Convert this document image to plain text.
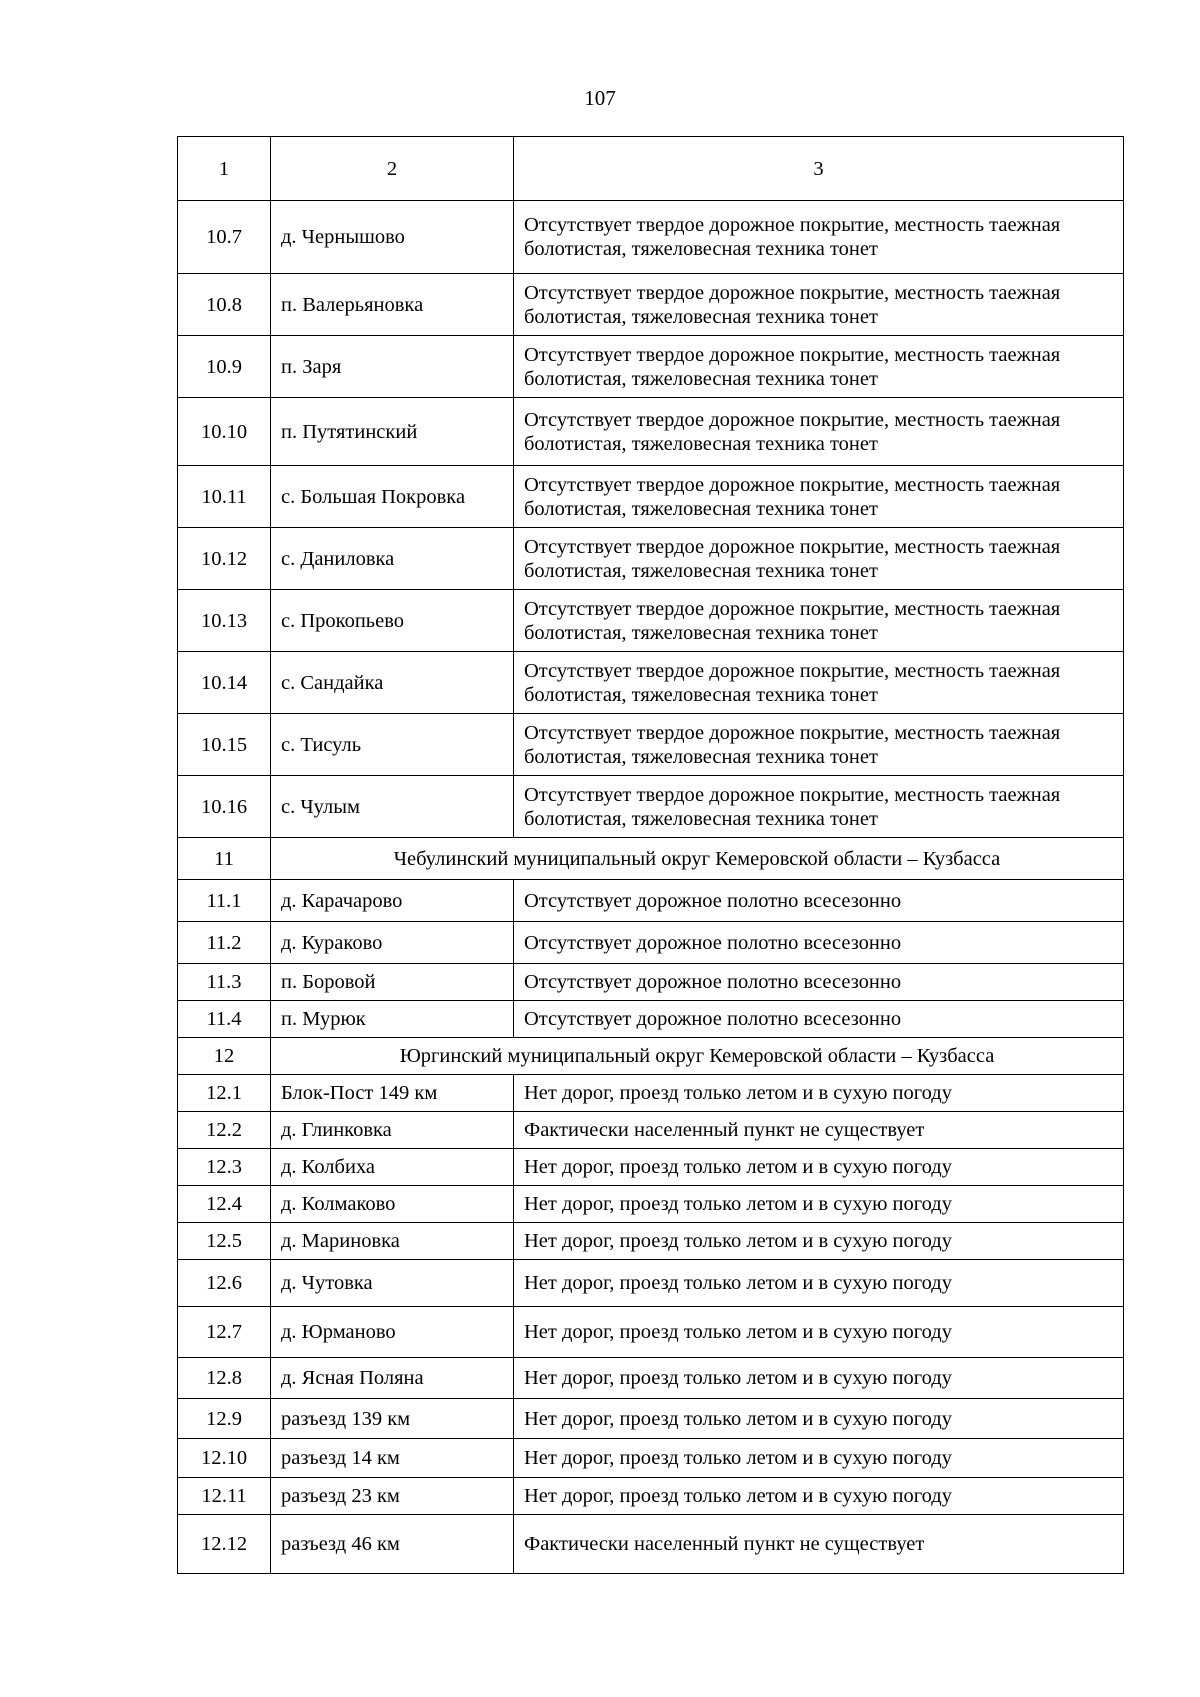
107
1	2	3
10.7	д. Чернышово	Отсутствует твердое дорожное покрытие, местность таежная болотистая, тяжеловесная техника тонет
10.8	п. Валерьяновка	Отсутствует твердое дорожное покрытие, местность таежная болотистая, тяжеловесная техника тонет
10.9	п. Заря	Отсутствует твердое дорожное покрытие, местность таежная болотистая, тяжеловесная техника тонет
10.10	п. Путятинский	Отсутствует твердое дорожное покрытие, местность таежная болотистая, тяжеловесная техника тонет
10.11	с. Большая Покровка	Отсутствует твердое дорожное покрытие, местность таежная болотистая, тяжеловесная техника тонет
10.12	с. Даниловка	Отсутствует твердое дорожное покрытие, местность таежная болотистая, тяжеловесная техника тонет
10.13	с. Прокопьево	Отсутствует твердое дорожное покрытие, местность таежная болотистая, тяжеловесная техника тонет
10.14	с. Сандайка	Отсутствует твердое дорожное покрытие, местность таежная болотистая, тяжеловесная техника тонет
10.15	с. Тисуль	Отсутствует твердое дорожное покрытие, местность таежная болотистая, тяжеловесная техника тонет
10.16	с. Чулым	Отсутствует твердое дорожное покрытие, местность таежная болотистая, тяжеловесная техника тонет
11	Чебулинский муниципальный округ Кемеровской области – Кузбасса	
11.1	д. Карачарово	Отсутствует дорожное полотно всесезонно
11.2	д. Кураково	Отсутствует дорожное полотно всесезонно
11.3	п. Боровой	Отсутствует дорожное полотно всесезонно
11.4	п. Мурюк	Отсутствует дорожное полотно всесезонно
12	Юргинский муниципальный округ Кемеровской области – Кузбасса	
12.1	Блок-Пост 149 км	Нет дорог, проезд только летом и в сухую погоду
12.2	д. Глинковка	Фактически населенный пункт не существует
12.3	д. Колбиха	Нет дорог, проезд только летом и в сухую погоду
12.4	д. Колмаково	Нет дорог, проезд только летом и в сухую погоду
12.5	д. Мариновка	Нет дорог, проезд только летом и в сухую погоду
12.6	д. Чутовка	Нет дорог, проезд только летом и в сухую погоду
12.7	д. Юрманово	Нет дорог, проезд только летом и в сухую погоду
12.8	д. Ясная Поляна	Нет дорог, проезд только летом и в сухую погоду
12.9	разъезд 139 км	Нет дорог, проезд только летом и в сухую погоду
12.10	разъезд 14 км	Нет дорог, проезд только летом и в сухую погоду
12.11	разъезд 23 км	Нет дорог, проезд только летом и в сухую погоду
12.12	разъезд 46 км	Фактически населенный пункт не существует
